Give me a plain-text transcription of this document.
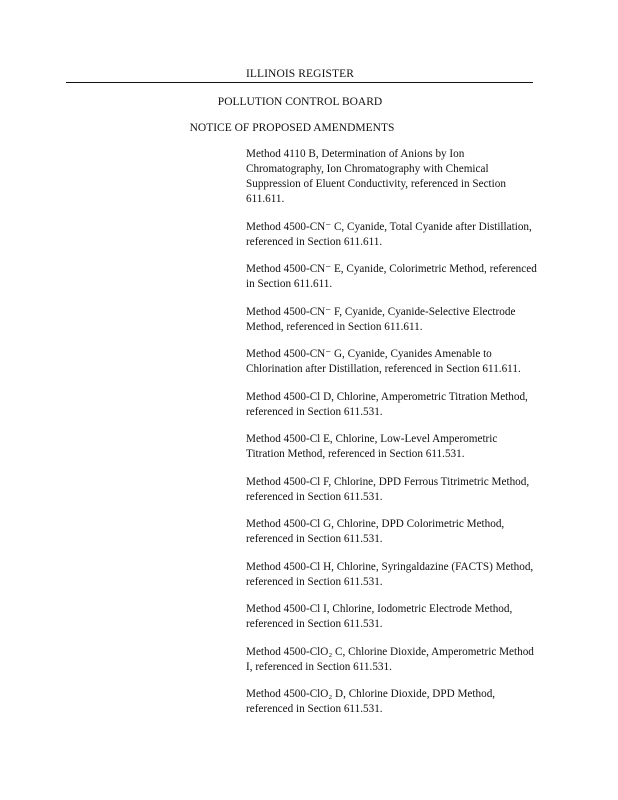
ILLINOIS REGISTER
POLLUTION CONTROL BOARD
NOTICE OF PROPOSED AMENDMENTS
Method 4110 B, Determination of Anions by Ion Chromatography, Ion Chromatography with Chemical Suppression of Eluent Conductivity, referenced in Section 611.611.
Method 4500-CN⁻ C, Cyanide, Total Cyanide after Distillation, referenced in Section 611.611.
Method 4500-CN⁻ E, Cyanide, Colorimetric Method, referenced in Section 611.611.
Method 4500-CN⁻ F, Cyanide, Cyanide-Selective Electrode Method, referenced in Section 611.611.
Method 4500-CN⁻ G, Cyanide, Cyanides Amenable to Chlorination after Distillation, referenced in Section 611.611.
Method 4500-Cl D, Chlorine, Amperometric Titration Method, referenced in Section 611.531.
Method 4500-Cl E, Chlorine, Low-Level Amperometric Titration Method, referenced in Section 611.531.
Method 4500-Cl F, Chlorine, DPD Ferrous Titrimetric Method, referenced in Section 611.531.
Method 4500-Cl G, Chlorine, DPD Colorimetric Method, referenced in Section 611.531.
Method 4500-Cl H, Chlorine, Syringaldazine (FACTS) Method, referenced in Section 611.531.
Method 4500-Cl I, Chlorine, Iodometric Electrode Method, referenced in Section 611.531.
Method 4500-ClO₂ C, Chlorine Dioxide, Amperometric Method I, referenced in Section 611.531.
Method 4500-ClO₂ D, Chlorine Dioxide, DPD Method, referenced in Section 611.531.
